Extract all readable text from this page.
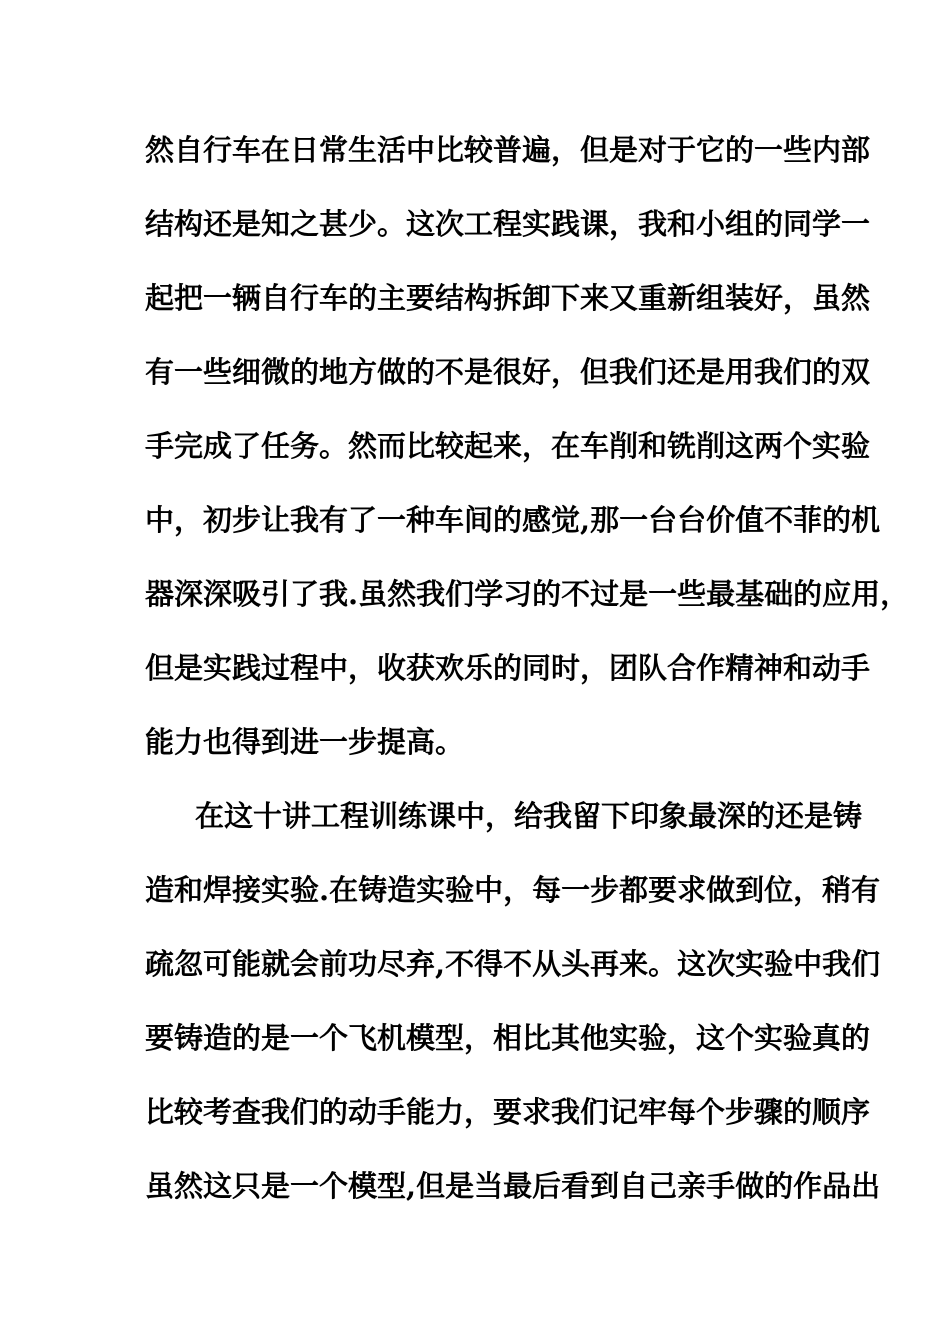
然自行车在日常生活中比较普遍，但是对于它的一些内部
结构还是知之甚少。这次工程实践课，我和小组的同学一
起把一辆自行车的主要结构拆卸下来又重新组装好，虽然
有一些细微的地方做的不是很好，但我们还是用我们的双
手完成了任务。然而比较起来，在车削和铣削这两个实验
中，初步让我有了一种车间的感觉,那一台台价值不菲的机
器深深吸引了我.虽然我们学习的不过是一些最基础的应用，
但是实践过程中，收获欢乐的同时，团队合作精神和动手
能力也得到进一步提高。
在这十讲工程训练课中，给我留下印象最深的还是铸
造和焊接实验.在铸造实验中，每一步都要求做到位，稍有
疏忽可能就会前功尽弃,不得不从头再来。这次实验中我们
要铸造的是一个飞机模型，相比其他实验，这个实验真的
比较考查我们的动手能力，要求我们记牢每个步骤的顺序
虽然这只是一个模型,但是当最后看到自己亲手做的作品出
